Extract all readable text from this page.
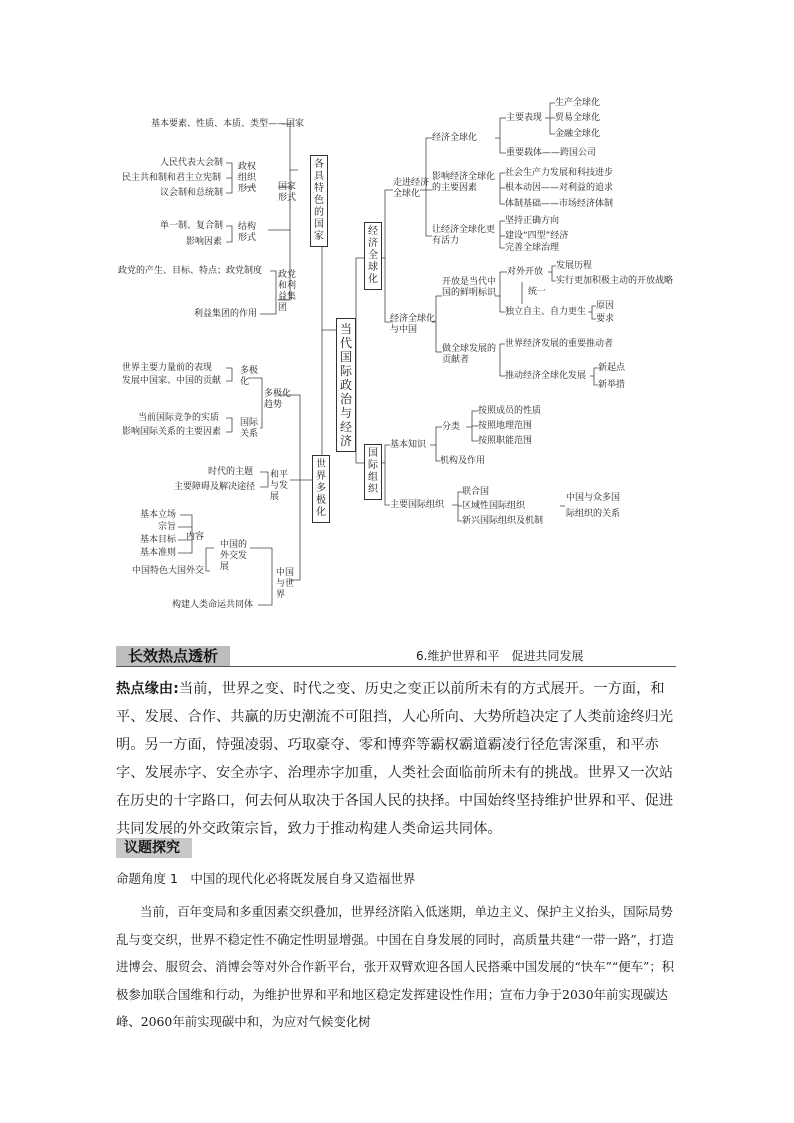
当代国际政治与经济
各具特色的国家
世界多极化
经济全球化
国际组织
基本要素、性质、本质、类型——国家
人民代表大会制
民主共和制和君主立宪制
议会制和总统制
政权组织形式	国家形式
单一制、复合制
影响因素
结构形式
政党的产生、目标、特点；政党制度 政党和利益集团
利益集团的作用
世界主要力量前的表现
发展中国家、中国的贡献
多极化
多极化趋势
当前国际竞争的实质
影响国际关系的主要因素
国际关系
时代的主题
主要障碍及解决途径
和平与发展
基本立场
宗旨
基本目标
基本准则
内容
中国特色大国外交
中国的外交发展
中国与世界
构建人类命运共同体
走进经济全球化
经济全球化
主要表现
生产全球化
贸易全球化
金融全球化
重要载体——跨国公司
影响经济全球化的主要因素
社会生产力发展和科技进步
根本动因——对利益的追求
体制基础——市场经济体制
让经济全球化更有活力
坚持正确方向
建设“四型”经济
完善全球治理
经济全球化与中国
开放是当代中国的鲜明标识
对外开放
发展历程
实行更加积极主动的开放战略
统一
独立自主、自力更生
原因
要求
做全球发展的贡献者
世界经济发展的重要推动者
推动经济全球化发展
新起点
新举措
基本知识
分类
按照成员的性质
按照地理范围
按照职能范围
机构及作用
主要国际组织
联合国
区域性国际组织
新兴国际组织及机制
中国与众多国
际组织的关系
长效热点透析	6.维护世界和平　促进共同发展
热点缘由:当前，世界之变、时代之变、历史之变正以前所未有的方式展开。一方面，和平、发展、合作、共赢的历史潮流不可阻挡，人心所向、大势所趋决定了人类前途终归光明。另一方面，恃强凌弱、巧取豪夺、零和博弈等霸权霸道霸凌行径危害深重，和平赤字、发展赤字、安全赤字、治理赤字加重，人类社会面临前所未有的挑战。世界又一次站在历史的十字路口，何去何从取决于各国人民的抉择。中国始终坚持维护世界和平、促进共同发展的外交政策宗旨，致力于推动构建人类命运共同体。
议题探究
命题角度 1　中国的现代化必将既发展自身又造福世界
当前，百年变局和多重因素交织叠加，世界经济陷入低迷期，单边主义、保护主义抬头，国际局势乱与变交织，世界不稳定性不确定性明显增强。中国在自身发展的同时，高质量共建“一带一路”，打造进博会、服贸会、消博会等对外合作新平台，张开双臂欢迎各国人民搭乘中国发展的“快车”“便车”；积极参加联合国维和行动，为维护世界和平和地区稳定发挥建设性作用；宣布力争于2030年前实现碳达峰、2060年前实现碳中和，为应对气候变化树
